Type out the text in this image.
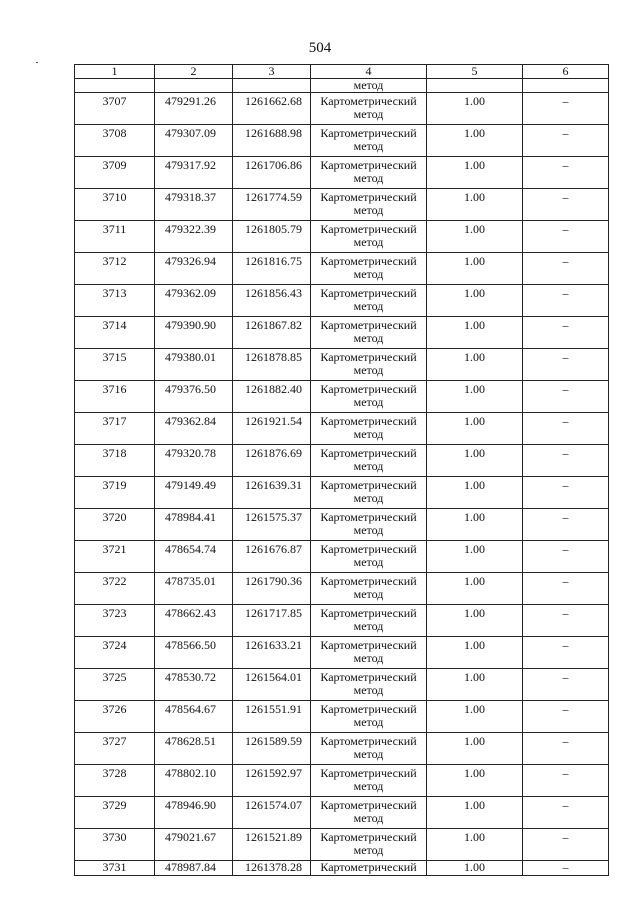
504
1	2	3	4	5	6
			метод		
3707	479291.26	1261662.68	Картометрический
метод	1.00	–
3708	479307.09	1261688.98	Картометрический
метод	1.00	–
3709	479317.92	1261706.86	Картометрический
метод	1.00	–
3710	479318.37	1261774.59	Картометрический
метод	1.00	–
3711	479322.39	1261805.79	Картометрический
метод	1.00	–
3712	479326.94	1261816.75	Картометрический
метод	1.00	–
3713	479362.09	1261856.43	Картометрический
метод	1.00	–
3714	479390.90	1261867.82	Картометрический
метод	1.00	–
3715	479380.01	1261878.85	Картометрический
метод	1.00	–
3716	479376.50	1261882.40	Картометрический
метод	1.00	–
3717	479362.84	1261921.54	Картометрический
метод	1.00	–
3718	479320.78	1261876.69	Картометрический
метод	1.00	–
3719	479149.49	1261639.31	Картометрический
метод	1.00	–
3720	478984.41	1261575.37	Картометрический
метод	1.00	–
3721	478654.74	1261676.87	Картометрический
метод	1.00	–
3722	478735.01	1261790.36	Картометрический
метод	1.00	–
3723	478662.43	1261717.85	Картометрический
метод	1.00	–
3724	478566.50	1261633.21	Картометрический
метод	1.00	–
3725	478530.72	1261564.01	Картометрический
метод	1.00	–
3726	478564.67	1261551.91	Картометрический
метод	1.00	–
3727	478628.51	1261589.59	Картометрический
метод	1.00	–
3728	478802.10	1261592.97	Картометрический
метод	1.00	–
3729	478946.90	1261574.07	Картометрический
метод	1.00	–
3730	479021.67	1261521.89	Картометрический
метод	1.00	–
3731	478987.84	1261378.28	Картометрический	1.00	–
